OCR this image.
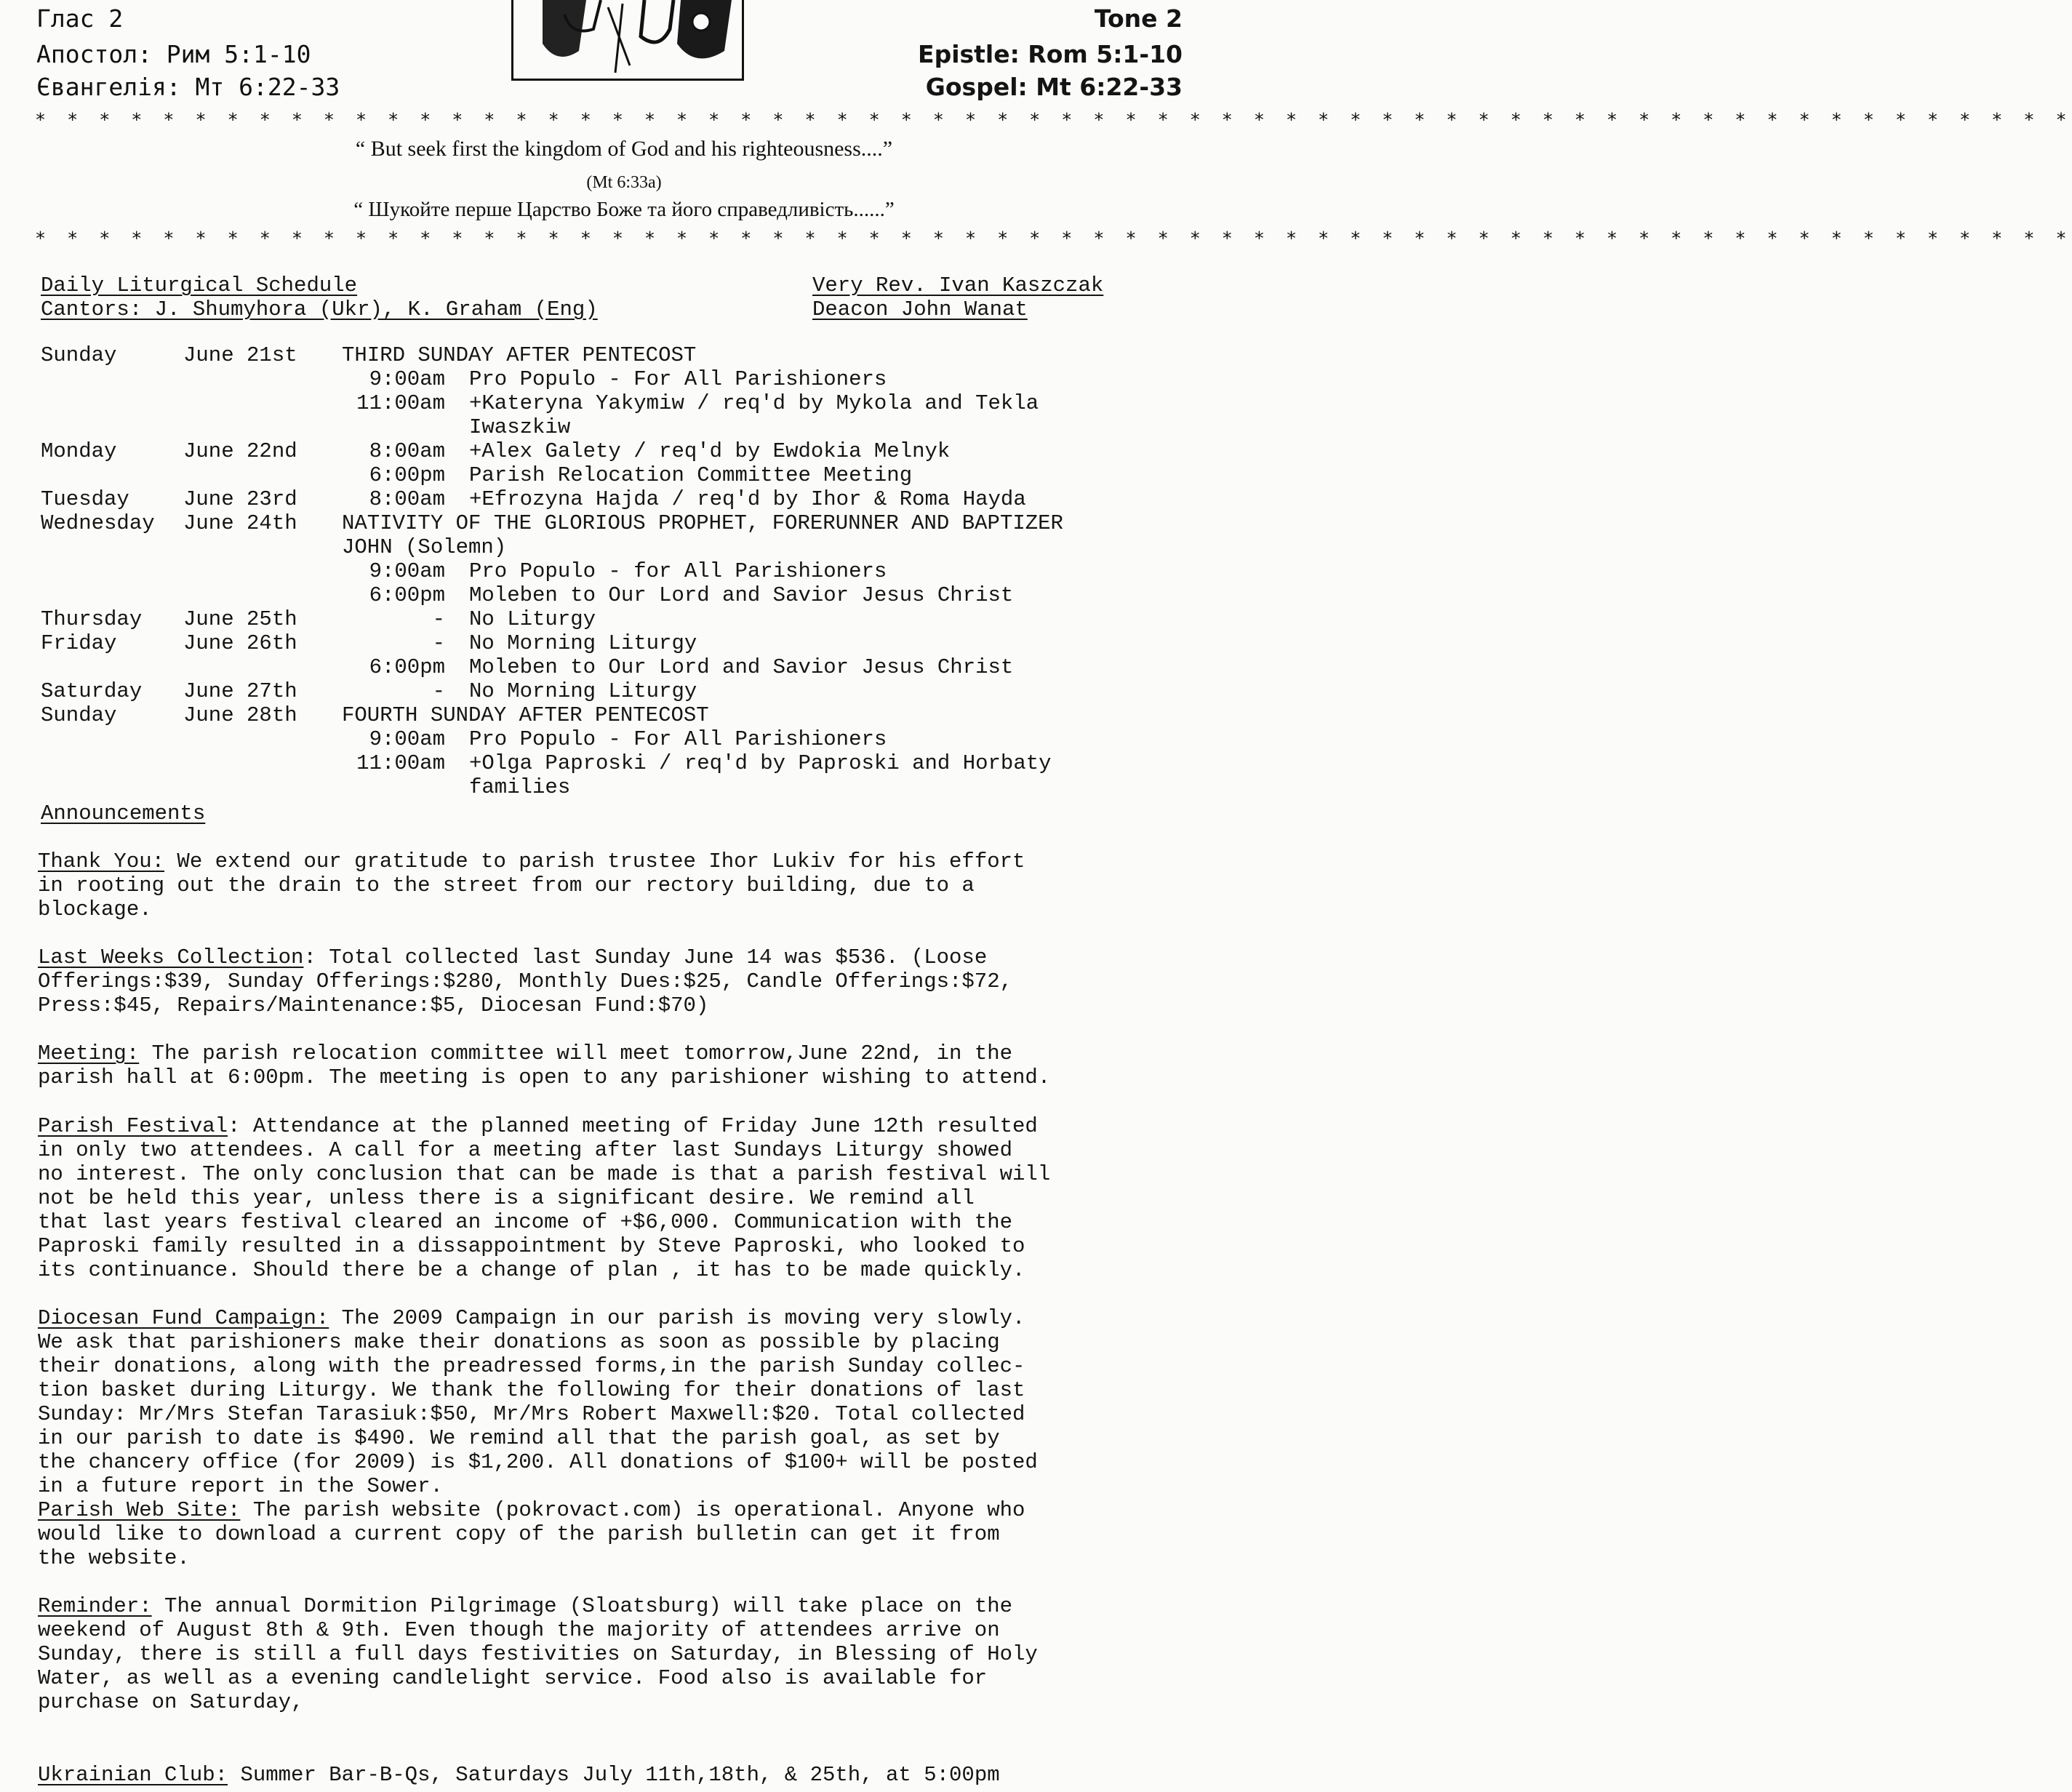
Глас 2
Апостол: Рим 5:1-10
Євангелія: Мт 6:22-33
Tone 2
Epistle: Rom 5:1-10
Gospel: Mt 6:22-33
* * * * * * * * * * * * * * * * * * * * * * * * * * * * * * * * * * * * * * * * * * * * * * * * * * * * * * * * * * * * * * * *
“ But seek first the kingdom of God and his righteousness....”
(Mt 6:33a)
“ Шукойте перше Царство Боже та його справедливість......”
* * * * * * * * * * * * * * * * * * * * * * * * * * * * * * * * * * * * * * * * * * * * * * * * * * * * * * * * * * * * * * * *
Daily Liturgical Schedule
Cantors: J. Shumyhora (Ukr), K. Graham (Eng)
Very Rev. Ivan Kaszczak
Deacon John Wanat
Sunday	June 21st THIRD SUNDAY AFTER PENTECOST
9:00am Pro Populo - For All Parishioners
11:00am +Kateryna Yakymiw / req'd by Mykola and Tekla
Iwaszkiw
Monday	June 22nd	8:00am +Alex Galety / req'd by Ewdokia Melnyk
6:00pm Parish Relocation Committee Meeting
Tuesday	June 23rd	8:00am +Efrozyna Hajda / req'd by Ihor & Roma Hayda
Wednesday June 24th NATIVITY OF THE GLORIOUS PROPHET, FORERUNNER AND BAPTIZER
JOHN (Solemn)
9:00am Pro Populo - for All Parishioners
6:00pm Moleben to Our Lord and Savior Jesus Christ
Thursday June 25th	- No Liturgy
Friday	June 26th	- No Morning Liturgy
6:00pm Moleben to Our Lord and Savior Jesus Christ
Saturday June 27th	- No Morning Liturgy
Sunday	June 28th FOURTH SUNDAY AFTER PENTECOST
9:00am Pro Populo - For All Parishioners
11:00am +Olga Paproski / req'd by Paproski and Horbaty
families
Announcements
Thank You: We extend our gratitude to parish trustee Ihor Lukiv for his effort
in rooting out the drain to the street from our rectory building, due to a
blockage.
Last Weeks Collection: Total collected last Sunday June 14 was $536. (Loose
Offerings:$39, Sunday Offerings:$280, Monthly Dues:$25, Candle Offerings:$72,
Press:$45, Repairs/Maintenance:$5, Diocesan Fund:$70)
Meeting: The parish relocation committee will meet tomorrow,June 22nd, in the
parish hall at 6:00pm. The meeting is open to any parishioner wishing to attend.
Parish Festival: Attendance at the planned meeting of Friday June 12th resulted
in only two attendees. A call for a meeting after last Sundays Liturgy showed
no interest. The only conclusion that can be made is that a parish festival will
not be held this year, unless there is a significant desire. We remind all
that last years festival cleared an income of +$6,000. Communication with the
Paproski family resulted in a dissappointment by Steve Paproski, who looked to
its continuance. Should there be a change of plan , it has to be made quickly.
Diocesan Fund Campaign: The 2009 Campaign in our parish is moving very slowly.
We ask that parishioners make their donations as soon as possible by placing
their donations, along with the preadressed forms,in the parish Sunday collec-
tion basket during Liturgy. We thank the following for their donations of last
Sunday: Mr/Mrs Stefan Tarasiuk:$50, Mr/Mrs Robert Maxwell:$20. Total collected
in our parish to date is $490. We remind all that the parish goal, as set by
the chancery office (for 2009) is $1,200. All donations of $100+ will be posted
in a future report in the Sower.
Parish Web Site: The parish website (pokrovact.com) is operational. Anyone who
would like to download a current copy of the parish bulletin can get it from
the website.
Reminder: The annual Dormition Pilgrimage (Sloatsburg) will take place on the
weekend of August 8th & 9th. Even though the majority of attendees arrive on
Sunday, there is still a full days festivities on Saturday, in Blessing of Holy
Water, as well as a evening candlelight service. Food also is available for
purchase on Saturday,
Ukrainian Club: Summer Bar-B-Qs, Saturdays July 11th,18th, & 25th, at 5:00pm
